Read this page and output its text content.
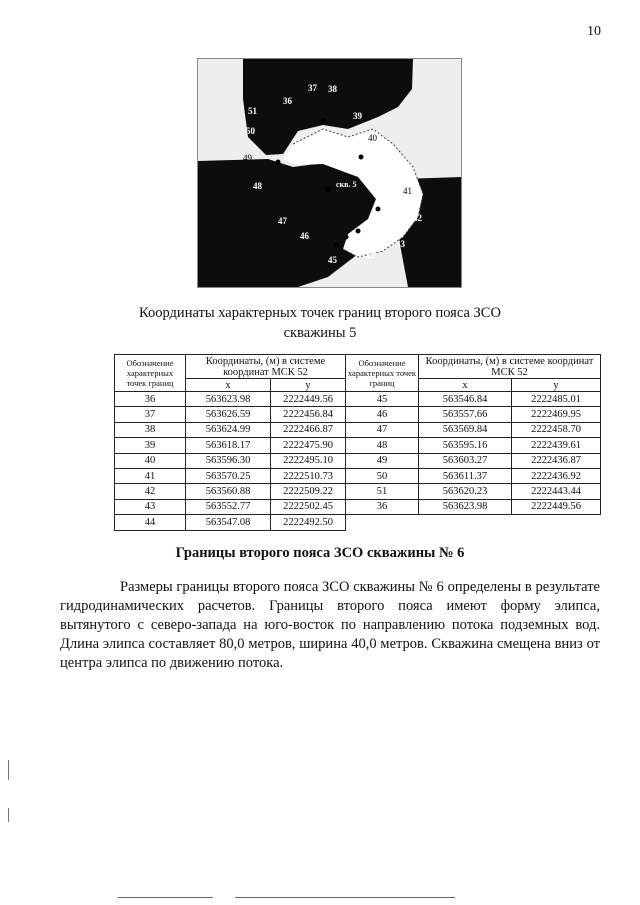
10
36
37 38
39
40
41
42
43
44
45
46
47
48
49
50
51
скв. 5
Координаты характерных точек границ второго пояса ЗСО
скважины 5
Обозначение характерных точек границ	Координаты, (м) в системе координат МСК 52		Обозначение характерных точек границ	Координаты, (м) в системе координат МСК 52	
	x	y		x	y
36	563623.98	2222449.56	45	563546.84	2222485.01
37	563626.59	2222456.84	46	563557.66	2222469.95
38	563624.99	2222466.87	47	563569.84	2222458.70
39	563618.17	2222475.90	48	563595.16	2222439.61
40	563596.30	2222495.10	49	563603.27	2222436.87
41	563570.25	2222510.73	50	563611.37	2222436.92
42	563560.88	2222509.22	51	563620.23	2222443.44
43	563552.77	2222502.45	36	563623.98	2222449.56
44	563547.08	2222492.50			
Границы второго пояса ЗСО скважины № 6

Размеры границы второго пояса ЗСО скважины № 6 определены в результате гидродинамических расчетов. Границы второго пояса имеют форму элипса, вытянутого с северо-запада на юго-восток по направлению потока подземных вод. Длина элипса составляет 80,0 метров, ширина 40,0 метров. Скважина смещена вниз от центра элипса по движению потока.
